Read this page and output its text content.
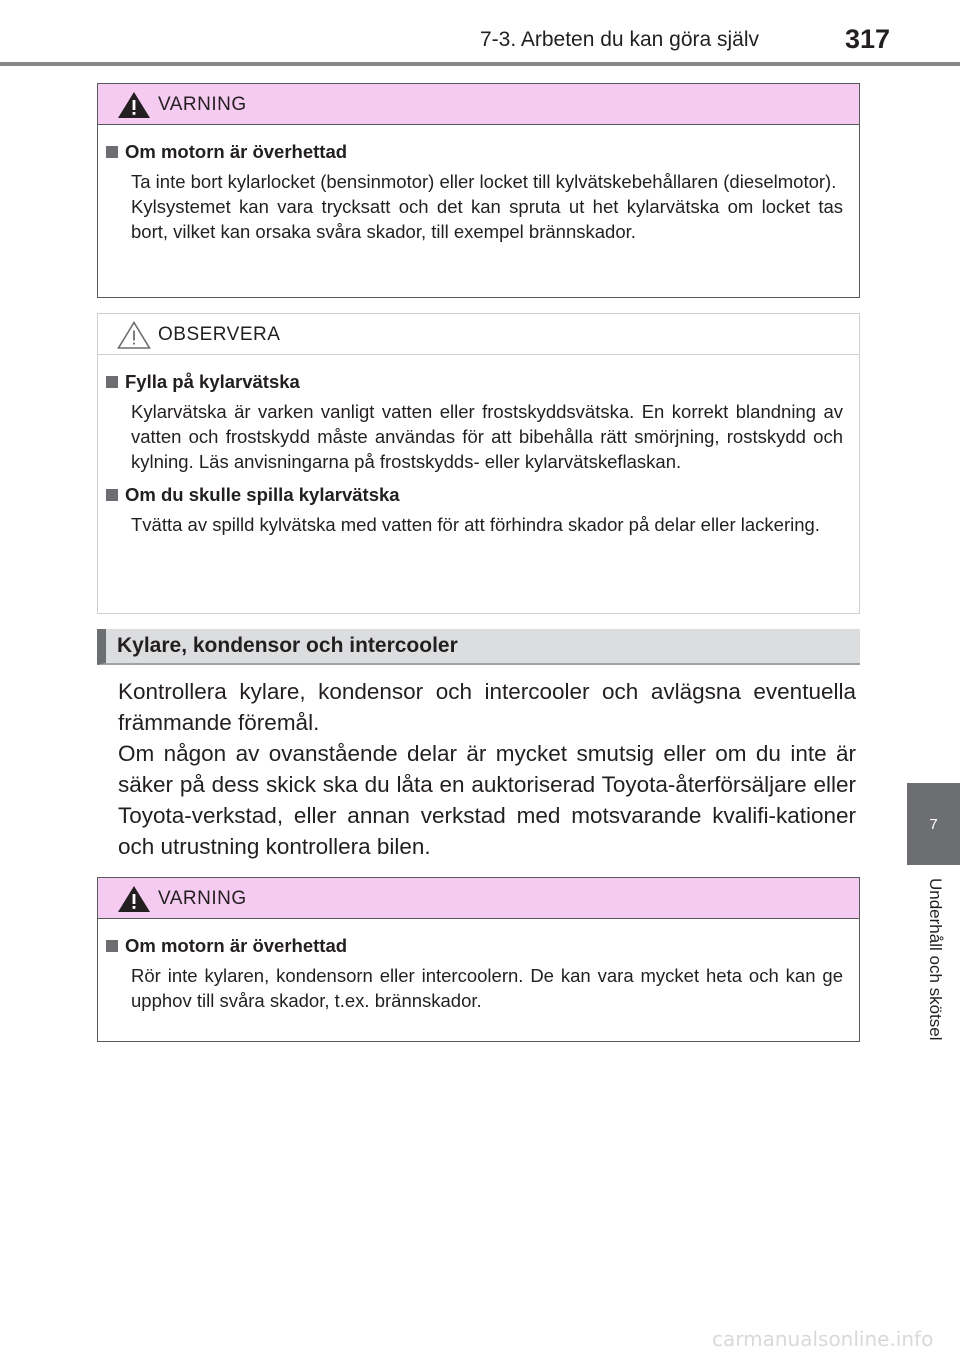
7-3. Arbeten du kan göra själv	317
7
Underhåll och skötsel
VARNING
Om motorn är överhettad

Ta inte bort kylarlocket (bensinmotor) eller locket till kylvätskebehållaren (dieselmotor).

Kylsystemet kan vara trycksatt och det kan spruta ut het kylarvätska om locket tas bort, vilket kan orsaka svåra skador, till exempel brännskador.

OBSERVERA
Fylla på kylarvätska

Kylarvätska är varken vanligt vatten eller frostskyddsvätska. En korrekt blandning av vatten och frostskydd måste användas för att bibehålla rätt smörjning, rostskydd och kylning. Läs anvisningarna på frostskydds- eller kylarvätskeflaskan.

Om du skulle spilla kylarvätska

Tvätta av spilld kylvätska med vatten för att förhindra skador på delar eller lackering.

Kylare, kondensor och intercooler

Kontrollera kylare, kondensor och intercooler och avlägsna eventuella främmande föremål.

Om någon av ovanstående delar är mycket smutsig eller om du inte är säker på dess skick ska du låta en auktoriserad Toyota-återförsäljare eller Toyota-verkstad, eller annan verkstad med motsvarande kvalifi-kationer och utrustning kontrollera bilen.

VARNING
Om motorn är överhettad

Rör inte kylaren, kondensorn eller intercoolern. De kan vara mycket heta och kan ge upphov till svåra skador, t.ex. brännskador.

carmanualsonline.info
